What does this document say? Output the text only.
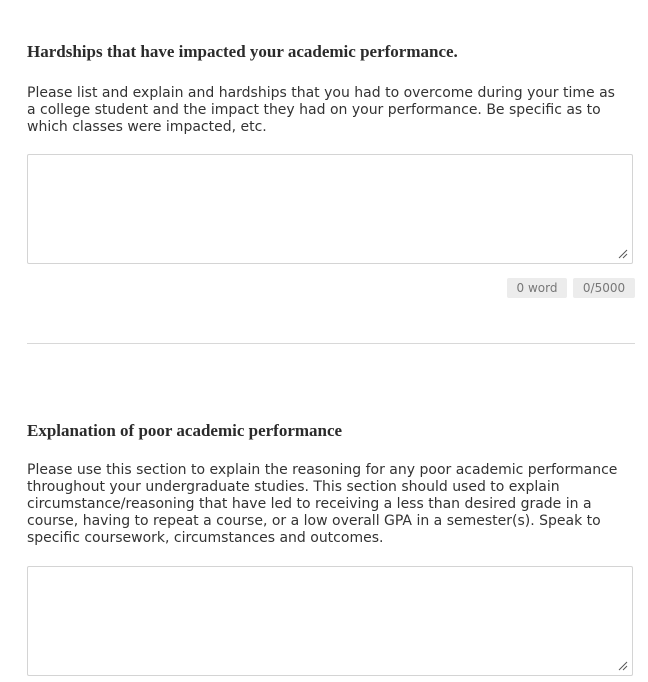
Hardships that have impacted your academic performance.

Please list and explain and hardships that you had to overcome during your time as a college student and the impact they had on your performance. Be specific as to which classes were impacted, etc.

0 word	0/5000
Explanation of poor academic performance

Please use this section to explain the reasoning for any poor academic performance throughout your undergraduate studies. This section should used to explain circumstance/reasoning that have led to receiving a less than desired grade in a course, having to repeat a course, or a low overall GPA in a semester(s). Speak to specific coursework, circumstances and outcomes.
